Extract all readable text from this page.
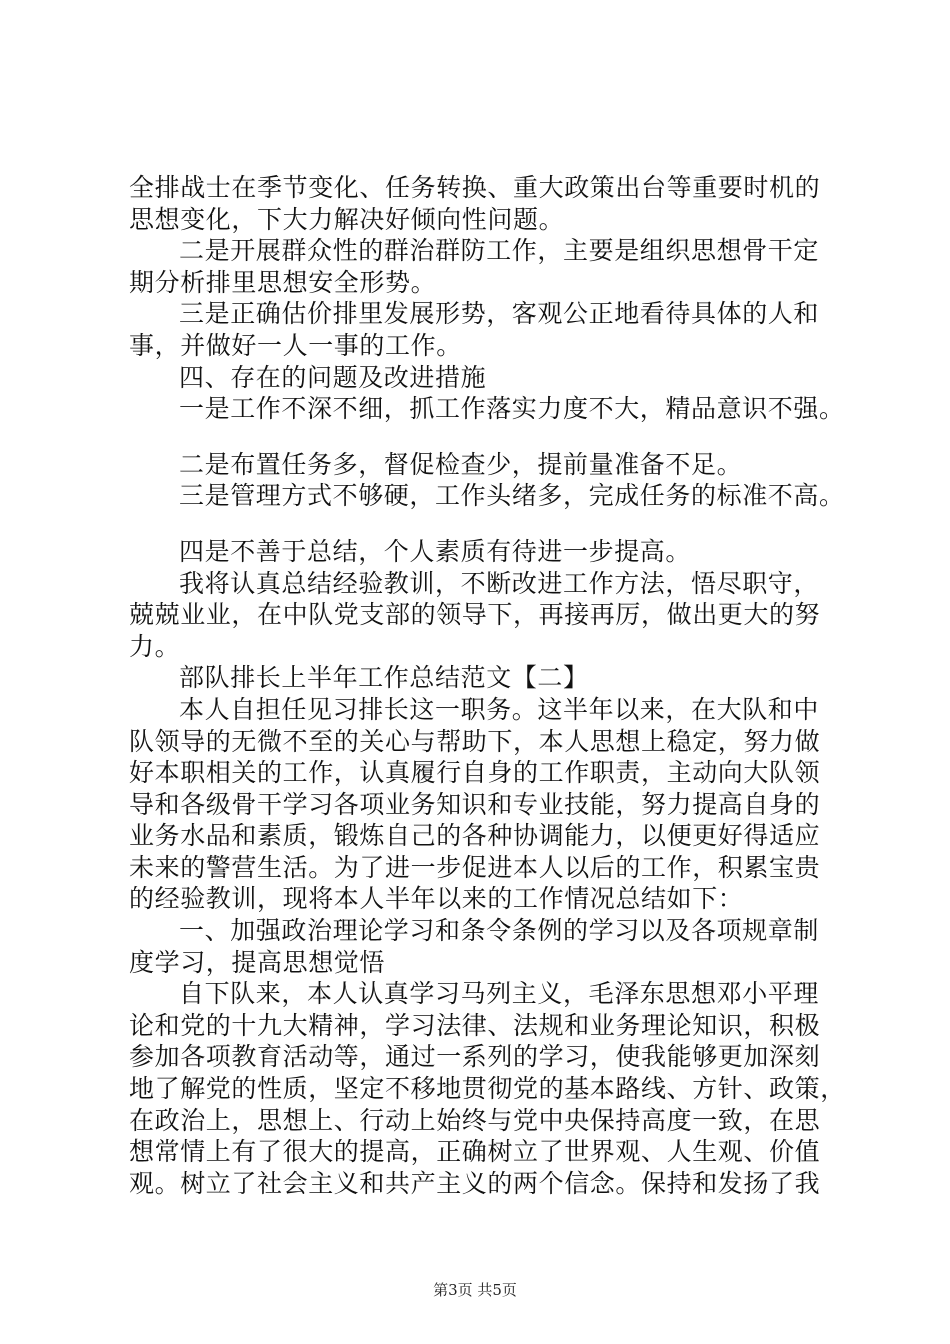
全排战士在季节变化、任务转换、重大政策出台等重要时机的
思想变化，下大力解决好倾向性问题。
二是开展群众性的群治群防工作，主要是组织思想骨干定
期分析排里思想安全形势。
三是正确估价排里发展形势，客观公正地看待具体的人和
事，并做好一人一事的工作。
四、存在的问题及改进措施
一是工作不深不细，抓工作落实力度不大，精品意识不强。
二是布置任务多，督促检查少，提前量准备不足。
三是管理方式不够硬，工作头绪多，完成任务的标准不高。
四是不善于总结，个人素质有待进一步提高。
我将认真总结经验教训，不断改进工作方法，悟尽职守，
兢兢业业，在中队党支部的领导下，再接再厉，做出更大的努
力。
部队排长上半年工作总结范文【二】
本人自担任见习排长这一职务。这半年以来，在大队和中
队领导的无微不至的关心与帮助下，本人思想上稳定，努力做
好本职相关的工作，认真履行自身的工作职责，主动向大队领
导和各级骨干学习各项业务知识和专业技能，努力提高自身的
业务水品和素质，锻炼自己的各种协调能力，以便更好得适应
未来的警营生活。为了进一步促进本人以后的工作，积累宝贵
的经验教训，现将本人半年以来的工作情况总结如下：
一、加强政治理论学习和条令条例的学习以及各项规章制
度学习，提高思想觉悟
自下队来，本人认真学习马列主义，毛泽东思想邓小平理
论和党的十九大精神，学习法律、法规和业务理论知识，积极
参加各项教育活动等，通过一系列的学习，使我能够更加深刻
地了解党的性质，坚定不移地贯彻党的基本路线、方针、政策，
在政治上，思想上、行动上始终与党中央保持高度一致，在思
想常情上有了很大的提高，正确树立了世界观、人生观、价值
观。树立了社会主义和共产主义的两个信念。保持和发扬了我
第3页 共5页
